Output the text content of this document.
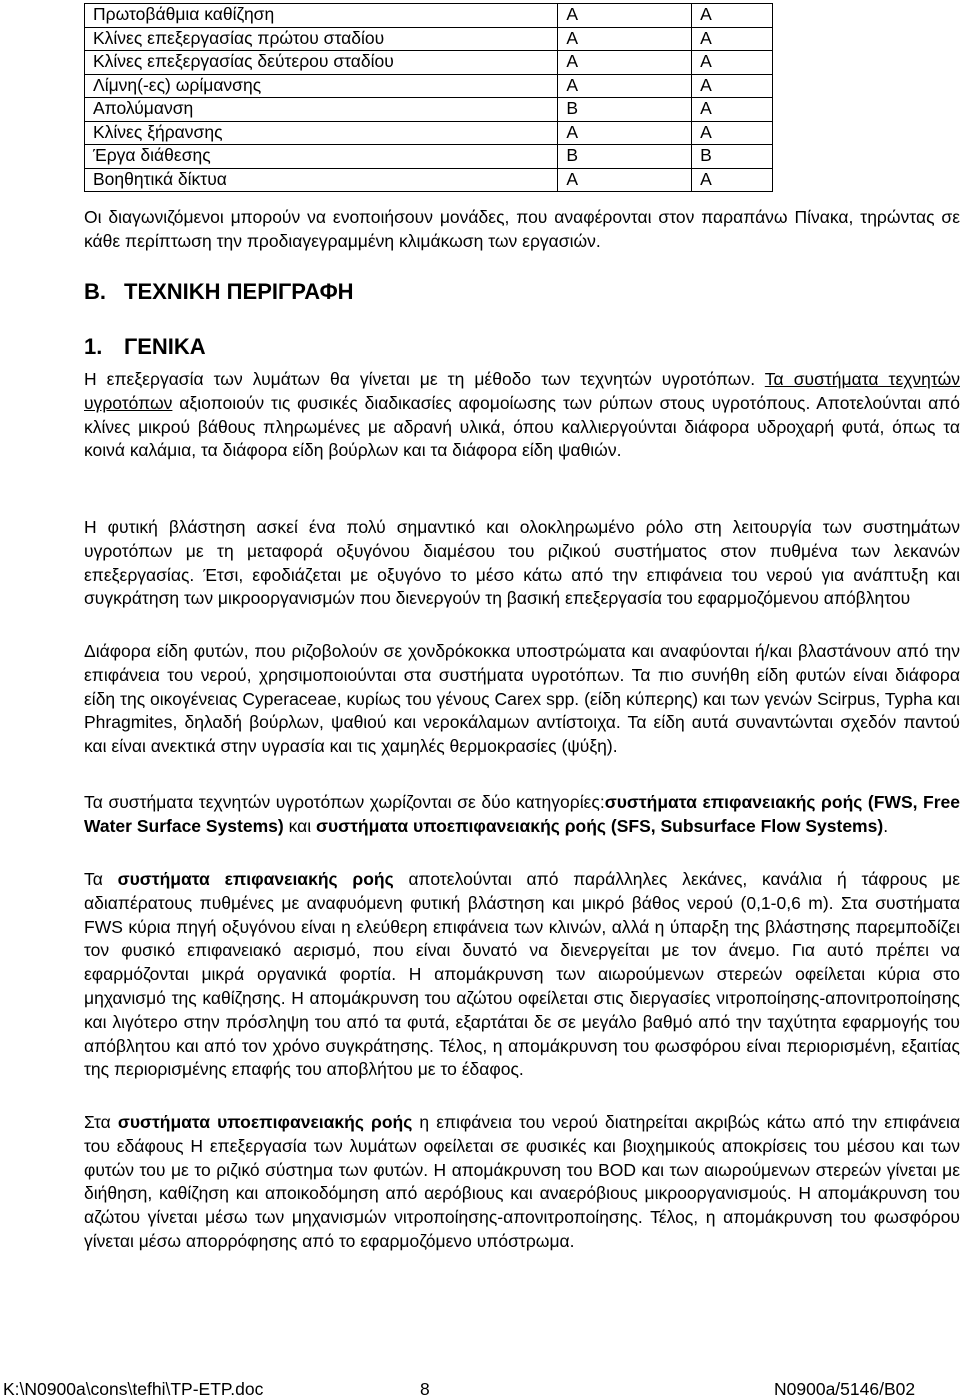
Πρωτοβάθμια καθίζηση	A	A
Κλίνες επεξεργασίας πρώτου σταδίου	A	A
Κλίνες επεξεργασίας δεύτερου σταδίου	A	A
Λίμνη(-ες) ωρίμανσης	A	A
Απολύμανση	B	A
Κλίνες ξήρανσης	A	A
Έργα διάθεσης	B	B
Βοηθητικά δίκτυα	A	A

Οι διαγωνιζόμενοι μπορούν να ενοποιήσουν μονάδες, που αναφέρονται στον παραπάνω Πίνακα, τηρώντας σε κάθε περίπτωση την προδιαγεγραμμένη κλιμάκωση των εργασιών.

B. ΤΕΧΝΙΚΗ ΠΕΡΙΓΡΑΦΗ
1. ΓΕΝΙΚΑ

Η επεξεργασία των λυμάτων θα γίνεται με τη μέθοδο των τεχνητών υγροτόπων. Τα συστήματα τεχνητών υγροτόπων αξιοποιούν τις φυσικές διαδικασίες αφομοίωσης των ρύπων στους υγροτόπους. Αποτελούνται από κλίνες μικρού βάθους πληρωμένες με αδρανή υλικά, όπου καλλιεργούνται διάφορα υδροχαρή φυτά, όπως τα κοινά καλάμια, τα διάφορα είδη βούρλων και τα διάφορα είδη ψαθιών.

Η φυτική βλάστηση ασκεί ένα πολύ σημαντικό και ολοκληρωμένο ρόλο στη λειτουργία των συστημάτων υγροτόπων με τη μεταφορά οξυγόνου διαμέσου του ριζικού συστήματος στον πυθμένα των λεκανών επεξεργασίας. Έτσι, εφοδιάζεται με οξυγόνο το μέσο κάτω από την επιφάνεια του νερού για ανάπτυξη και συγκράτηση των μικροοργανισμών που διενεργούν τη βασική επεξεργασία του εφαρμοζόμενου απόβλητου

Διάφορα είδη φυτών, που ριζοβολούν σε χονδρόκοκκα υποστρώματα και αναφύονται ή/και βλαστάνουν από την επιφάνεια του νερού, χρησιμοποιούνται στα συστήματα υγροτόπων. Τα πιο συνήθη είδη φυτών είναι διάφορα είδη της οικογένειας Cyperaceae, κυρίως του γένους Carex spp. (είδη κύπερης) και των γενών Scirpus, Typha και Phragmites, δηλαδή βούρλων, ψαθιού και νεροκάλαμων αντίστοιχα. Τα είδη αυτά συναντώνται σχεδόν παντού και είναι ανεκτικά στην υγρασία και τις χαμηλές θερμοκρασίες (ψύξη).

Τα συστήματα τεχνητών υγροτόπων χωρίζονται σε δύο κατηγορίες:συστήματα επιφανειακής ροής (FWS, Free Water Surface Systems) και συστήματα υποεπιφανειακής ροής (SFS, Subsurface Flow Systems).

Τα συστήματα επιφανειακής ροής αποτελούνται από παράλληλες λεκάνες, κανάλια ή τάφρους με αδιαπέρατους πυθμένες με αναφυόμενη φυτική βλάστηση και μικρό βάθος νερού (0,1-0,6 m). Στα συστήματα FWS κύρια πηγή οξυγόνου είναι η ελεύθερη επιφάνεια των κλινών, αλλά η ύπαρξη της βλάστησης παρεμποδίζει τον φυσικό επιφανειακό αερισμό, που είναι δυνατό να διενεργείται με τον άνεμο. Για αυτό πρέπει να εφαρμόζονται μικρά οργανικά φορτία. Η απομάκρυνση των αιωρούμενων στερεών οφείλεται κύρια στο μηχανισμό της καθίζησης. Η απομάκρυνση του αζώτου οφείλεται στις διεργασίες νιτροποίησης-απονιτροποίησης και λιγότερο στην πρόσληψη του από τα φυτά, εξαρτάται δε σε μεγάλο βαθμό από την ταχύτητα εφαρμογής του απόβλητου και από τον χρόνο συγκράτησης. Τέλος, η απομάκρυνση του φωσφόρου είναι περιορισμένη, εξαιτίας της περιορισμένης επαφής του αποβλήτου με το έδαφος.

Στα συστήματα υποεπιφανειακής ροής η επιφάνεια του νερού διατηρείται ακριβώς κάτω από την επιφάνεια του εδάφους Η επεξεργασία των λυμάτων οφείλεται σε φυσικές και βιοχημικούς αποκρίσεις του μέσου και των φυτών του με το ριζικό σύστημα των φυτών. Η απομάκρυνση του BOD και των αιωρούμενων στερεών γίνεται με διήθηση, καθίζηση και αποικοδόμηση από αερόβιους και αναερόβιους μικροοργανισμούς. Η απομάκρυνση του αζώτου γίνεται μέσω των μηχανισμών νιτροποίησης-απονιτροποίησης. Τέλος, η απομάκρυνση του φωσφόρου γίνεται μέσω απορρόφησης από το εφαρμοζόμενο υπόστρωμα.

K:\N0900a\cons\tefhi\TP-ETP.doc	8	N0900a/5146/B02
